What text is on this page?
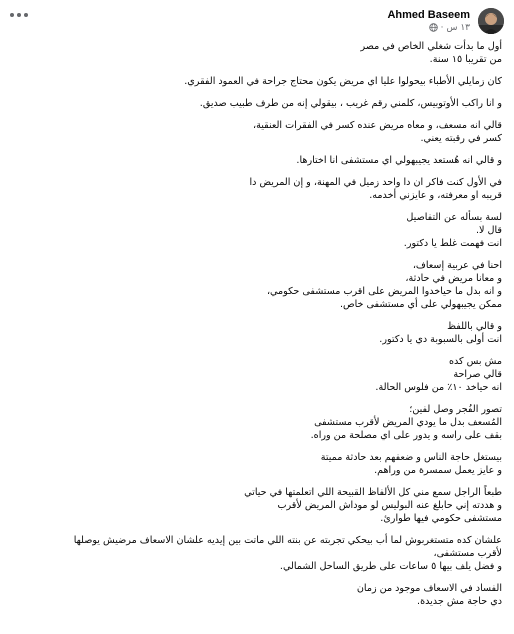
Ahmed Baseem
١٣ س
·
أول ما بدأت شغلي الخاص في مصر
من تقريبا ١٥ سنة.
كان زمايلي الأطباء بيحولوا عليا اي مريض يكون محتاج جراحة في العمود الفقري.
و انا راكب الأوتوبيس، كلمني رقم غريب ، بيقولي إنه من طرف طبيب صديق.
قالي انه مسعف، و معاه مريض عنده كسر في الفقرات العنقية،
كسر في رقبته يعني.
و قالي انه هُستعد يجيبهولي اي مستشفى انا اختارها.
في الأول كنت فاكر ان دا واحد زميل في المهنة، و إن المريض دا
قريبه او معرفته، و عايزني أخدمه.
لسة بسأله عن التفاصيل
قال لا.
انت فهمت غلط يا دكتور.
احنا في عربية إسعاف،
و معانا مريض في حادثة،
و انه بدل ما حياخدوا المريض على اقرب مستشفى حكومي،
ممكن يجيبهولي على أي مستشفى خاص.
و قالي باللفظ
انت أولى بالسبوبة دي يا دكتور.
مش بس كده
قالي صراحة
انه حياخد ١٠٪ من فلوس الحالة.
تصور الفُجر وصل لفين؛
المُسعف بدل ما يودي المريض لأقرب مستشفى
بقف على راسه و يدور على اي مصلحة من وراه.
بيستغل حاجة الناس و ضعفهم بعد حادثة مميتة
و عايز يعمل سمسرة من وراهم.
طبعاً الراجل سمع مني كل الألفاظ القبيحة اللي اتعلمتها في حياتي
و هددته إني حابلغ عنه البوليس لو موداش المريض لأقرب
مستشفى حكومي فيها طوارئ.
علشان كده متستغربوش لما أب بيحكي تجربته عن بنته اللي ماتت بين إيديه علشان الاسعاف مرضيش يوصلها
لأقرب مستشفى،
و فضل يلف بيها ٥ ساعات على طريق الساحل الشمالي.
الفساد في الاسعاف موجود من زمان
دي حاجة مش جديدة.
